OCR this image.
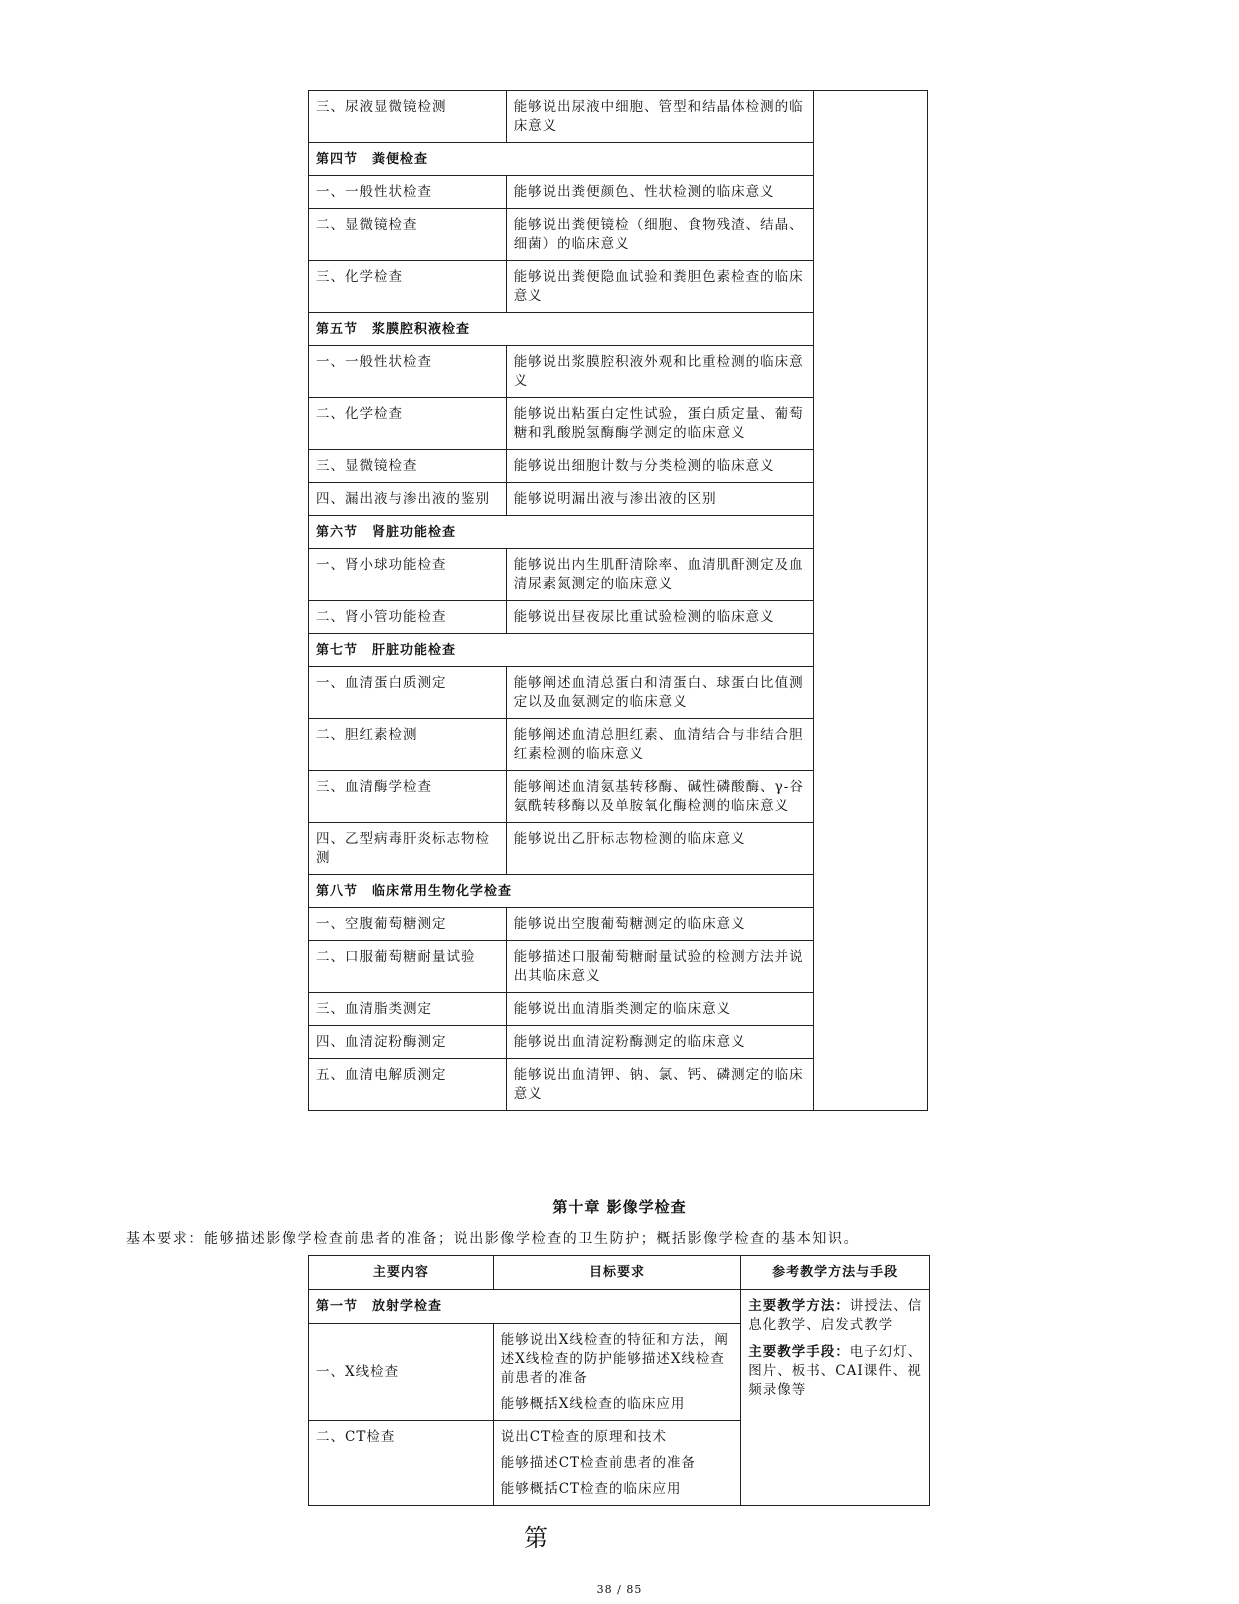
三、尿液显微镜检测	能够说出尿液中细胞、管型和结晶体检测的临床意义	
第四节　粪便检查		
一、一般性状检查	能够说出粪便颜色、性状检测的临床意义	
二、显微镜检查	能够说出粪便镜检（细胞、食物残渣、结晶、细菌）的临床意义	
三、化学检查	能够说出粪便隐血试验和粪胆色素检查的临床意义	
第五节　浆膜腔积液检查		
一、一般性状检查	能够说出浆膜腔积液外观和比重检测的临床意义	
二、化学检查	能够说出粘蛋白定性试验，蛋白质定量、葡萄糖和乳酸脱氢酶酶学测定的临床意义	
三、显微镜检查	能够说出细胞计数与分类检测的临床意义	
四、漏出液与渗出液的鉴别	能够说明漏出液与渗出液的区别	
第六节　肾脏功能检查		
一、肾小球功能检查	能够说出内生肌酐清除率、血清肌酐测定及血清尿素氮测定的临床意义	
二、肾小管功能检查	能够说出昼夜尿比重试验检测的临床意义	
第七节　肝脏功能检查		
一、血清蛋白质测定	能够阐述血清总蛋白和清蛋白、球蛋白比值测定以及血氨测定的临床意义	
二、胆红素检测	能够阐述血清总胆红素、血清结合与非结合胆红素检测的临床意义	
三、血清酶学检查	能够阐述血清氨基转移酶、碱性磷酸酶、γ-谷氨酰转移酶以及单胺氧化酶检测的临床意义	
四、乙型病毒肝炎标志物检测	能够说出乙肝标志物检测的临床意义	
第八节　临床常用生物化学检查		
一、空腹葡萄糖测定	能够说出空腹葡萄糖测定的临床意义	
二、口服葡萄糖耐量试验	能够描述口服葡萄糖耐量试验的检测方法并说出其临床意义	
三、血清脂类测定	能够说出血清脂类测定的临床意义	
四、血清淀粉酶测定	能够说出血清淀粉酶测定的临床意义	
五、血清电解质测定	能够说出血清钾、钠、氯、钙、磷测定的临床意义	
第十章 影像学检查
基本要求：能够描述影像学检查前患者的准备；说出影像学检查的卫生防护；概括影像学检查的基本知识。
主要内容	目标要求	参考教学方法与手段
第一节　放射学检查		主要教学方法：讲授法、信息化教学、启发式教学

主要教学手段：电子幻灯、图片、板书、CAI课件、视频录像等

一、X线检查	能够说出X线检查的特征和方法，阐述X线检查的防护能够描述X线检查前患者的准备
能够概括X线检查的临床应用	

二、CT检查	说出CT检查的原理和技术
能够描述CT检查前患者的准备
能够概括CT检查的临床应用	
第
38 / 85
